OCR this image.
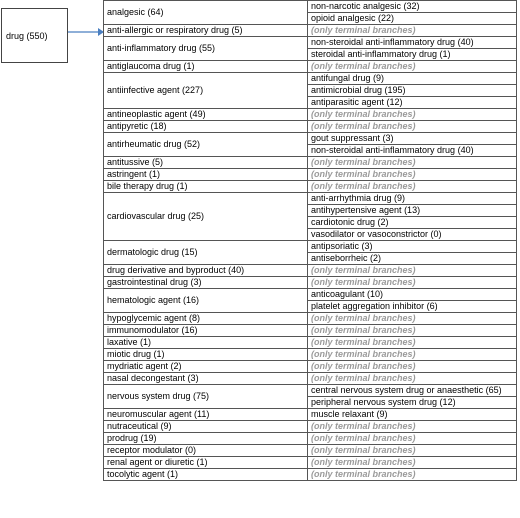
drug (550)
analgesic (64)	non-narcotic analgesic (32)
	opioid analgesic (22)
anti-allergic or respiratory drug (5)	(only terminal branches)
anti-inflammatory drug (55)	non-steroidal anti-inflammatory drug (40)
	steroidal anti-inflammatory drug (1)
antiglaucoma drug (1)	(only terminal branches)
antiinfective agent (227)	antifungal drug (9)
	antimicrobial drug (195)
	antiparasitic agent (12)
antineoplastic agent (49)	(only terminal branches)
antipyretic (18)	(only terminal branches)
antirheumatic drug (52)	gout suppressant (3)
	non-steroidal anti-inflammatory drug (40)
antitussive (5)	(only terminal branches)
astringent (1)	(only terminal branches)
bile therapy drug (1)	(only terminal branches)
cardiovascular drug (25)	anti-arrhythmia drug (9)
	antihypertensive agent (13)
	cardiotonic drug (2)
	vasodilator or vasoconstrictor (0)
dermatologic drug (15)	antipsoriatic (3)
	antiseborrheic (2)
drug derivative and byproduct (40)	(only terminal branches)
gastrointestinal drug (3)	(only terminal branches)
hematologic agent (16)	anticoagulant (10)
	platelet aggregation inhibitor (6)
hypoglycemic agent (8)	(only terminal branches)
immunomodulator (16)	(only terminal branches)
laxative (1)	(only terminal branches)
miotic drug (1)	(only terminal branches)
mydriatic agent (2)	(only terminal branches)
nasal decongestant (3)	(only terminal branches)
nervous system drug (75)	central nervous system drug or anaesthetic (65)
	peripheral nervous system drug (12)
neuromuscular agent (11)	muscle relaxant (9)
nutraceutical (9)	(only terminal branches)
prodrug (19)	(only terminal branches)
receptor modulator (0)	(only terminal branches)
renal agent or diuretic (1)	(only terminal branches)
tocolytic agent (1)	(only terminal branches)
